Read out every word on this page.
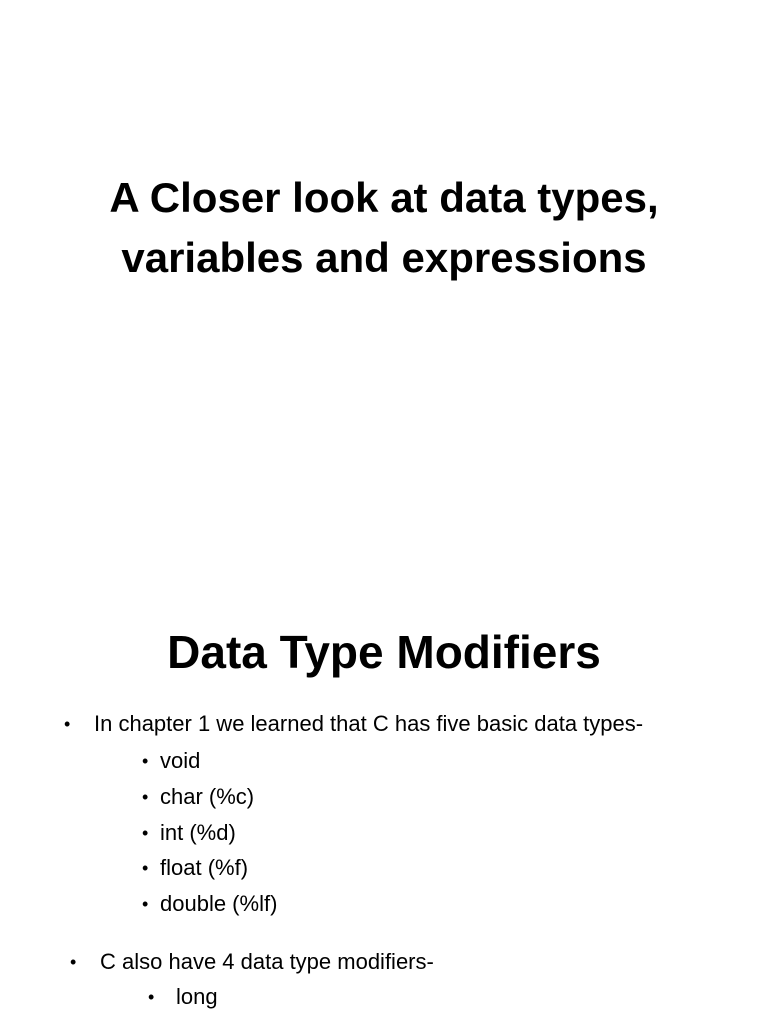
A Closer look at data types,
variables and expressions
Data Type Modifiers
•	In chapter 1 we learned that C has five basic data types-
• void
• char (%c)
• int (%d)
• float (%f)
• double (%lf)
•	C also have 4 data type modifiers-
• long
